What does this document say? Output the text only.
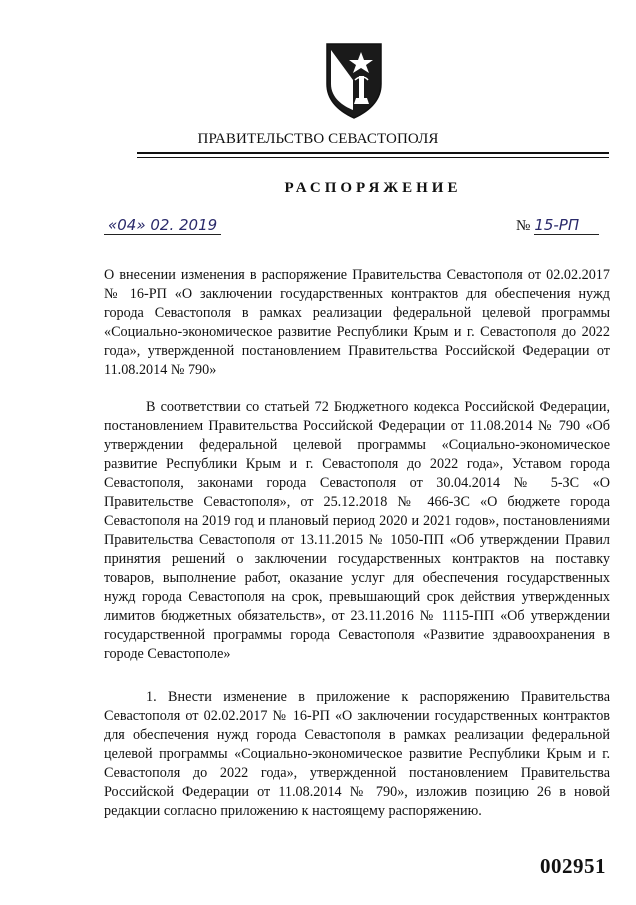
ПРАВИТЕЛЬСТВО СЕВАСТОПОЛЯ
РАСПОРЯЖЕНИЕ
«04» 02. 2019	№ 15-РП
О внесении изменения в распоряжение Правительства Севастополя от 02.02.2017 № 16-РП «О заключении государственных контрактов для обеспечения нужд города Севастополя в рамках реализации федеральной целевой программы «Социально-экономическое развитие Республики Крым и г. Севастополя до 2022 года», утвержденной постановлением Правительства Российской Федерации от 11.08.2014 № 790»
В соответствии со статьей 72 Бюджетного кодекса Российской Федерации, постановлением Правительства Российской Федерации от 11.08.2014 № 790 «Об утверждении федеральной целевой программы «Социально-экономическое развитие Республики Крым и г. Севастополя до 2022 года», Уставом города Севастополя, законами города Севастополя от 30.04.2014 № 5-ЗС «О Правительстве Севастополя», от 25.12.2018 № 466-ЗС «О бюджете города Севастополя на 2019 год и плановый период 2020 и 2021 годов», постановлениями Правительства Севастополя от 13.11.2015 № 1050-ПП «Об утверждении Правил принятия решений о заключении государственных контрактов на поставку товаров, выполнение работ, оказание услуг для обеспечения государственных нужд города Севастополя на срок, превышающий срок действия утвержденных лимитов бюджетных обязательств», от 23.11.2016 № 1115-ПП «Об утверждении государственной программы города Севастополя «Развитие здравоохранения в городе Севастополе»
1. Внести изменение в приложение к распоряжению Правительства Севастополя от 02.02.2017 № 16-РП «О заключении государственных контрактов для обеспечения нужд города Севастополя в рамках реализации федеральной целевой программы «Социально-экономическое развитие Республики Крым и г. Севастополя до 2022 года», утвержденной постановлением Правительства Российской Федерации от 11.08.2014 № 790», изложив позицию 26 в новой редакции согласно приложению к настоящему распоряжению.
002951
